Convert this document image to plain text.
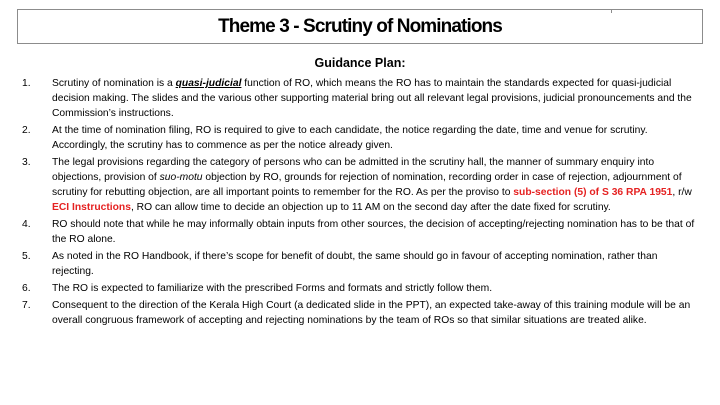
Theme 3 - Scrutiny of Nominations
Guidance Plan:
1. Scrutiny of nomination is a quasi-judicial function of RO, which means the RO has to maintain the standards expected for quasi-judicial decision making. The slides and the various other supporting material bring out all relevant legal provisions, judicial pronouncements and the Commission’s instructions.
2. At the time of nomination filing, RO is required to give to each candidate, the notice regarding the date, time and venue for scrutiny. Accordingly, the scrutiny has to commence as per the notice already given.
3. The legal provisions regarding the category of persons who can be admitted in the scrutiny hall, the manner of summary enquiry into objections, provision of suo-motu objection by RO, grounds for rejection of nomination, recording order in case of rejection, adjournment of scrutiny for rebutting objection, are all important points to remember for the RO. As per the proviso to sub-section (5) of S 36 RPA 1951, r/w ECI Instructions, RO can allow time to decide an objection up to 11 AM on the second day after the date fixed for scrutiny.
4. RO should note that while he may informally obtain inputs from other sources, the decision of accepting/rejecting nomination has to be that of the RO alone.
5. As noted in the RO Handbook, if there’s scope for benefit of doubt, the same should go in favour of accepting nomination, rather than rejecting.
6. The RO is expected to familiarize with the prescribed Forms and formats and strictly follow them.
7. Consequent to the direction of the Kerala High Court (a dedicated slide in the PPT), an expected take-away of this training module will be an overall congruous framework of accepting and rejecting nominations by the team of ROs so that similar situations are treated alike.
